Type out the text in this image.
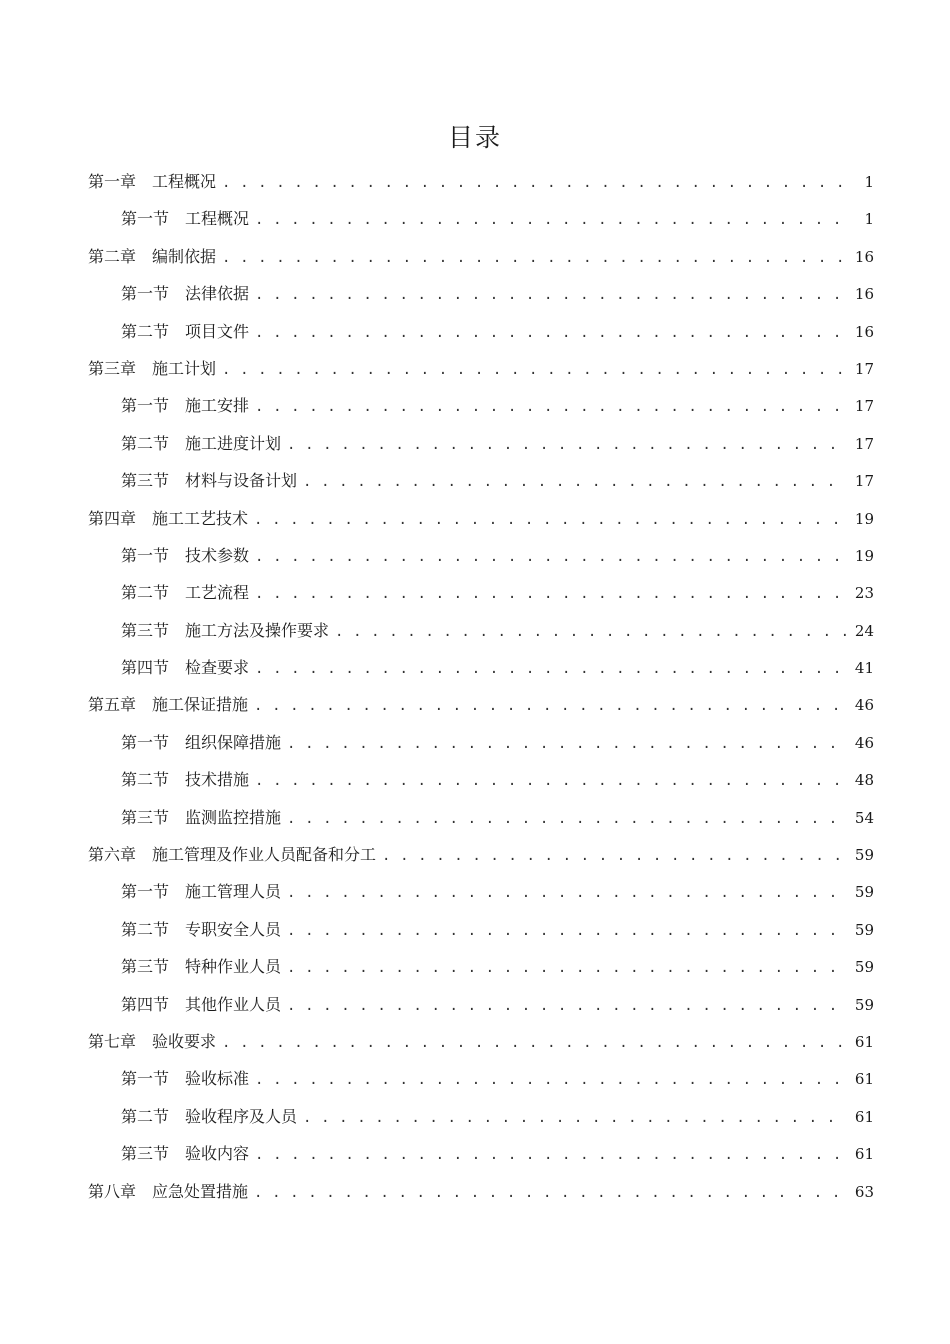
目录
第一章 工程概况 . . .	1
第一节 工程概况 . . .	1
第二章 编制依据 . . .	16
第一节 法律依据 . . .	16
第二节 项目文件 . . .	16
第三章 施工计划 . . .	17
第一节 施工安排 . . .	17
第二节 施工进度计划 . . .	17
第三节 材料与设备计划 . . .	17
第四章 施工工艺技术 . . .	19
第一节 技术参数 . . .	19
第二节 工艺流程 . . .	23
第三节 施工方法及操作要求 . . .	24
第四节 检查要求 . . .	41
第五章 施工保证措施 . . .	46
第一节 组织保障措施 . . .	46
第二节 技术措施 . . .	48
第三节 监测监控措施 . . .	54
第六章 施工管理及作业人员配备和分工 . . .	59
第一节 施工管理人员 . . .	59
第二节 专职安全人员 . . .	59
第三节 特种作业人员 . . .	59
第四节 其他作业人员 . . .	59
第七章 验收要求 . . .	61
第一节 验收标准 . . .	61
第二节 验收程序及人员 . . .	61
第三节 验收内容 . . .	61
第八章 应急处置措施 . . .	63
